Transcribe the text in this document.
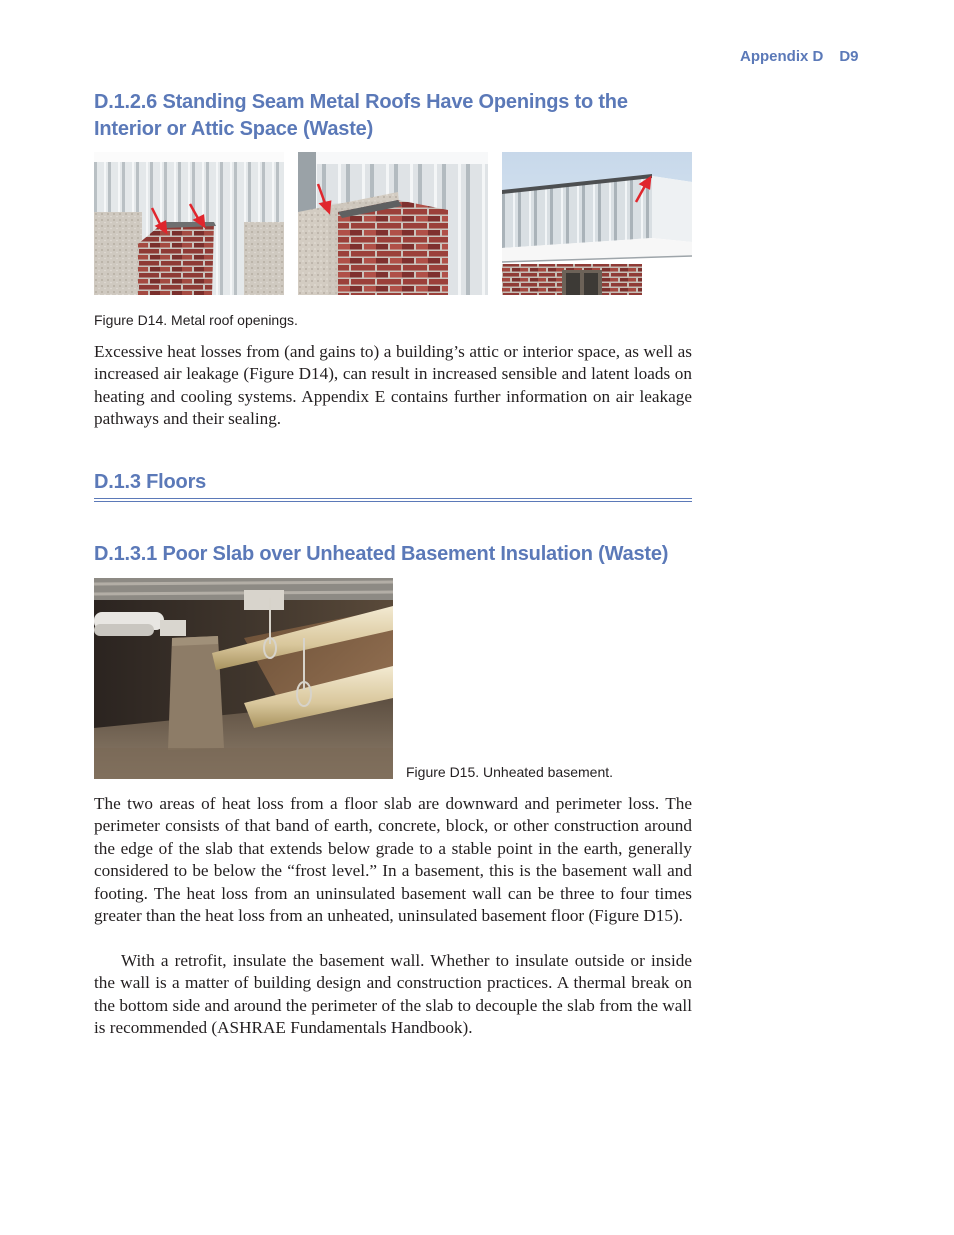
Appendix D D9
D.1.2.6 Standing Seam Metal Roofs Have Openings to the Interior or Attic Space (Waste)

Figure D14. Metal roof openings.

Excessive heat losses from (and gains to) a building’s attic or interior space, as well as increased air leakage (Figure D14), can result in increased sensible and latent loads on heating and cooling systems. Appendix E contains further information on air leakage pathways and their sealing.

D.1.3 Floors
D.1.3.1 Poor Slab over Unheated Basement Insulation (Waste)

Figure D15. Unheated basement.

The two areas of heat loss from a floor slab are downward and perimeter loss. The perimeter consists of that band of earth, concrete, block, or other construction around the edge of the slab that extends below grade to a stable point in the earth, generally considered to be below the “frost level.” In a basement, this is the basement wall and footing. The heat loss from an uninsulated basement wall can be three to four times greater than the heat loss from an unheated, uninsulated basement floor (Figure D15).

With a retrofit, insulate the basement wall. Whether to insulate outside or inside the wall is a matter of building design and construction practices. A thermal break on the bottom side and around the perimeter of the slab to decouple the slab from the wall is recommended (ASHRAE Fundamentals Handbook).
